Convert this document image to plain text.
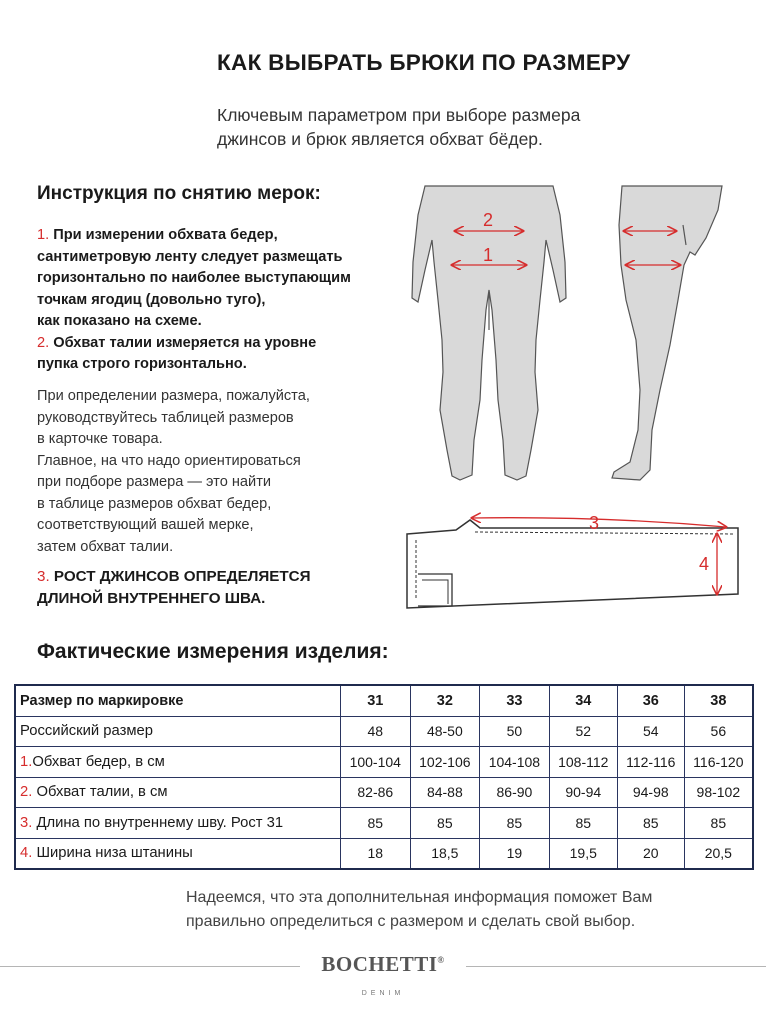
КАК ВЫБРАТЬ БРЮКИ ПО РАЗМЕРУ
Ключевым параметром при выборе размера
джинсов и брюк является обхват бёдер.
Инструкция по снятию мерок:
1. При измерении обхвата бедер,
сантиметровую ленту следует размещать
горизонтально по наиболее выступающим
точкам ягодиц (довольно туго),
как показано на схеме.
2. Обхват талии измеряется на уровне
пупка строго горизонтально.
При определении размера, пожалуйста,
руководствуйтесь таблицей размеров
в карточке товара.
Главное, на что надо ориентироваться
при подборе размера — это найти
в таблице размеров обхват бедер,
соответствующий вашей мерке,
затем обхват талии.
3. РОСТ ДЖИНСОВ ОПРЕДЕЛЯЕТСЯ
ДЛИНОЙ ВНУТРЕННЕГО ШВА.
2
1
3
4
Фактические измерения изделия:
Размер по маркировке	31	32	33	34	36	38
Российский размер	48	48-50	50	52	54	56
1.Обхват бедер, в см	100-104	102-106	104-108	108-112	112-116	116-120
2. Обхват талии, в см	82-86	84-88	86-90	90-94	94-98	98-102
3. Длина по внутреннему шву. Рост 31	85	85	85	85	85	85
4. Ширина низа штанины	18	18,5	19	19,5	20	20,5
Надеемся, что эта дополнительная информация поможет Вам
правильно определиться с размером и сделать свой выбор.
BOCHETTI®
DENIM
